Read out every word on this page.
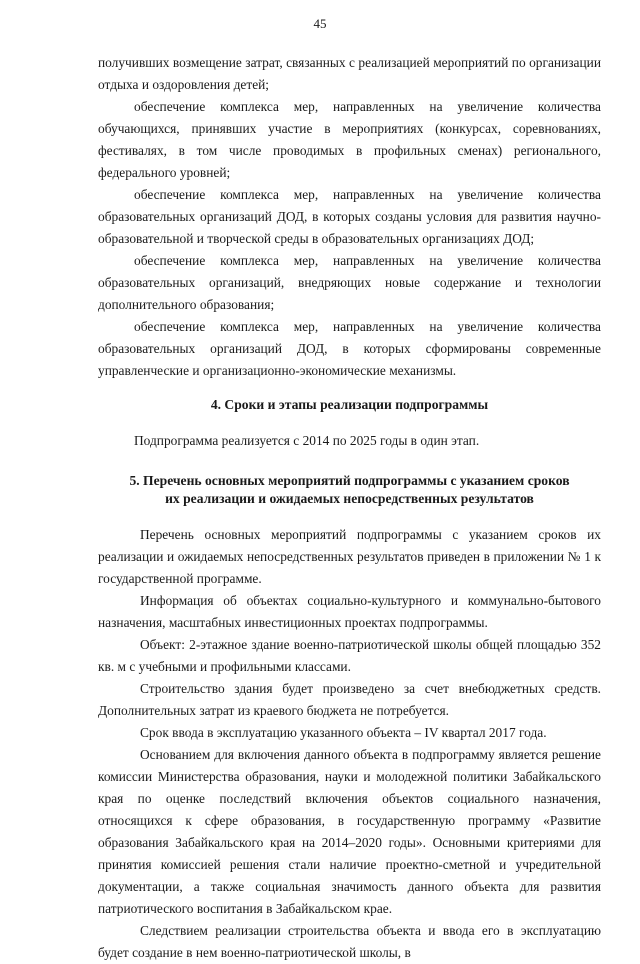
45

получивших возмещение затрат, связанных с реализацией мероприятий по организации отдыха и оздоровления детей;

обеспечение комплекса мер, направленных на увеличение количества обучающихся, принявших участие в мероприятиях (конкурсах, соревнованиях, фестивалях, в том числе проводимых в профильных сменах) регионального, федерального уровней;

обеспечение комплекса мер, направленных на увеличение количества образовательных организаций ДОД, в которых созданы условия для развития научно-образовательной и творческой среды в образовательных организациях ДОД;

обеспечение комплекса мер, направленных на увеличение количества образовательных организаций, внедряющих новые содержание и технологии дополнительного образования;

обеспечение комплекса мер, направленных на увеличение количества образовательных организаций ДОД, в которых сформированы современные управленческие и организационно-экономические механизмы.

4. Сроки и этапы реализации подпрограммы

Подпрограмма реализуется с 2014 по 2025 годы в один этап.

5. Перечень основных мероприятий подпрограммы с указанием сроков
их реализации и ожидаемых непосредственных результатов

Перечень основных мероприятий подпрограммы с указанием сроков их реализации и ожидаемых непосредственных результатов приведен в приложении № 1 к государственной программе.

Информация об объектах социально-культурного и коммунально-бытового назначения, масштабных инвестиционных проектах подпрограммы.

Объект: 2-этажное здание военно-патриотической школы общей площадью 352 кв. м с учебными и профильными классами.

Строительство здания будет произведено за счет внебюджетных средств. Дополнительных затрат из краевого бюджета не потребуется.

Срок ввода в эксплуатацию указанного объекта – IV квартал 2017 года.

Основанием для включения данного объекта в подпрограмму является решение комиссии Министерства образования, науки и молодежной политики Забайкальского края по оценке последствий включения объектов социального назначения, относящихся к сфере образования, в государственную программу «Развитие образования Забайкальского края на 2014–2020 годы». Основными критериями для принятия комиссией решения стали наличие проектно-сметной и учредительной документации, а также социальная значимость данного объекта для развития патриотического воспитания в Забайкальском крае.

Следствием реализации строительства объекта и ввода его в эксплуатацию будет создание в нем военно-патриотической школы, в
